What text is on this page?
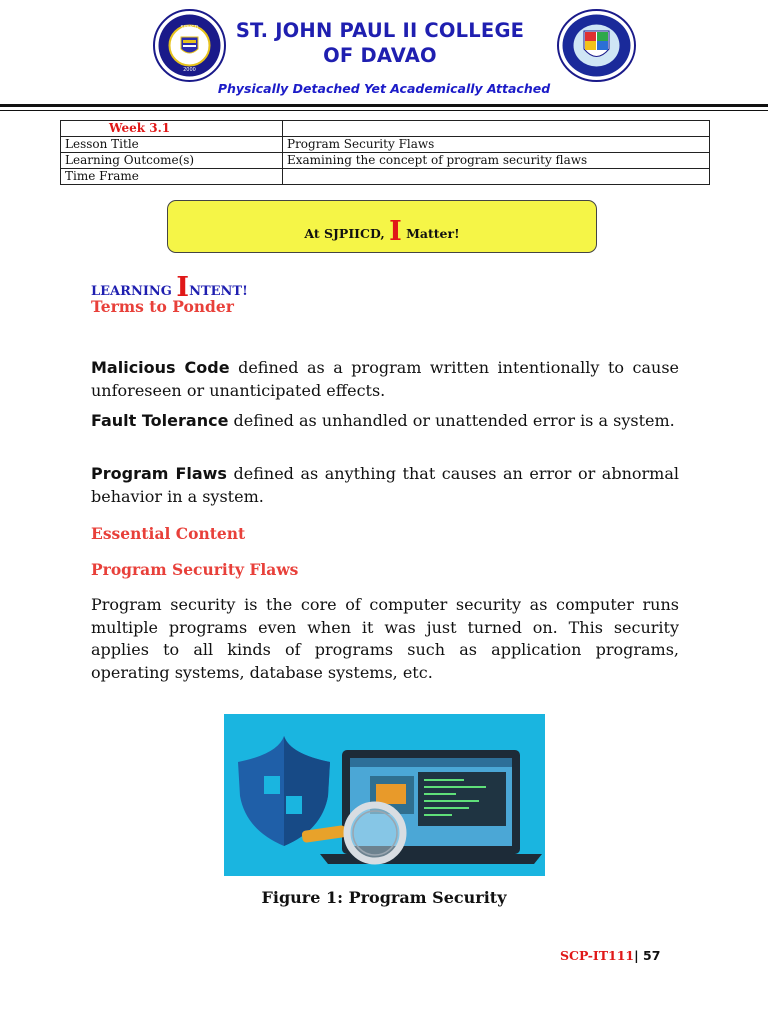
SJPIICD
2000
ST. JOHN PAUL II COLLEGE
OF DAVAO
Physically Detached Yet Academically Attached
Week 3.1	
Lesson Title	Program Security Flaws
Learning Outcome(s)	Examining the concept of program security flaws
Time Frame	
At SJPIICD, I Matter!
LEARNING INTENT!
Terms to Ponder
Malicious Code defined as a program written intentionally to cause unforeseen or unanticipated effects.
Fault Tolerance defined as unhandled or unattended error is a system.
Program Flaws defined as anything that causes an error or abnormal behavior in a system.
Essential Content
Program Security Flaws
Program security is the core of computer security as computer runs multiple programs even when it was just turned on. This security applies to all kinds of programs such as application programs, operating systems, database systems, etc.
Figure 1: Program Security
SCP-IT111| 57
